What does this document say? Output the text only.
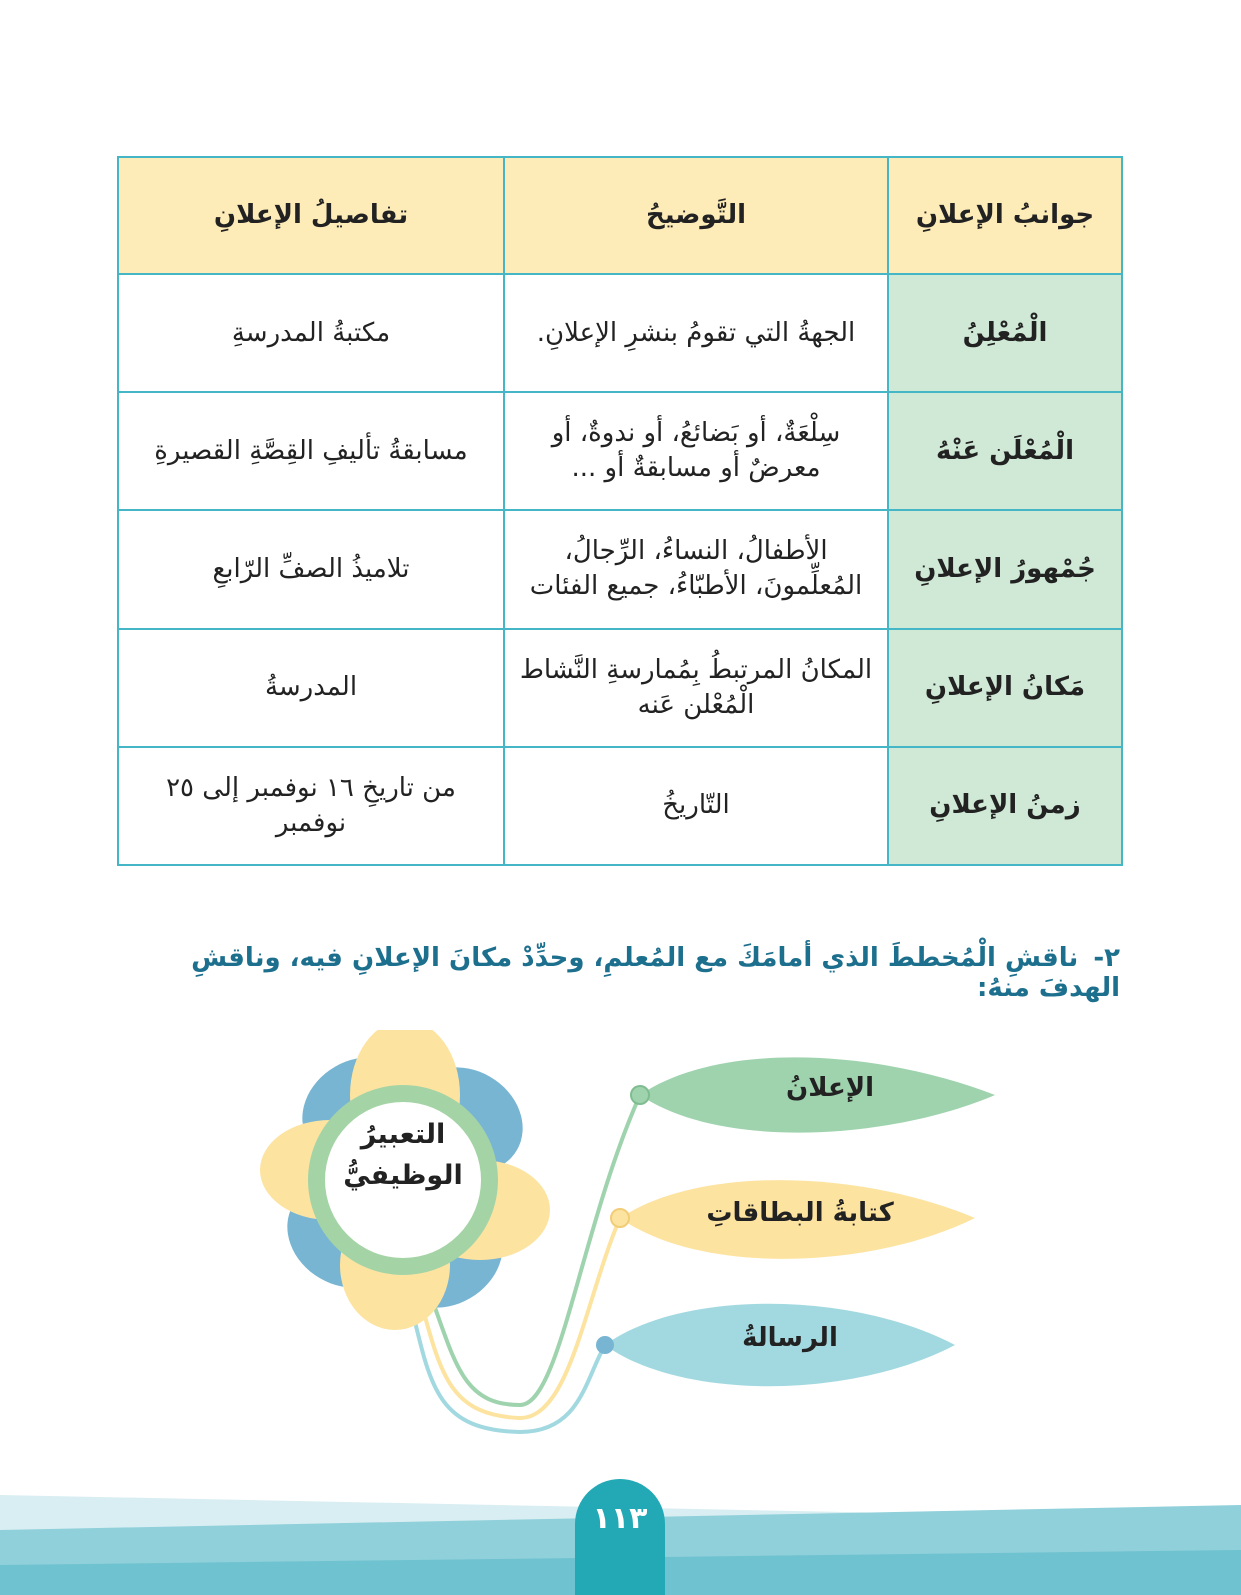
جوانبُ الإعلانِ	التَّوضيحُ	تفاصيلُ الإعلانِ
الْمُعْلِنُ	الجهةُ التي تقومُ بنشرِ الإعلانِ.	مكتبةُ المدرسةِ
الْمُعْلَن عَنْهُ	سِلْعَةٌ، أو بَضائعُ، أو ندوةٌ، أو معرضٌ أو مسابقةٌ أو ...	مسابقةُ تأليفِ القِصَّةِ القصيرةِ
جُمْهورُ الإعلانِ	الأطفالُ، النساءُ، الرِّجالُ، المُعلِّمونَ، الأطبّاءُ، جميع الفئات	تلاميذُ الصفِّ الرّابعِ
مَكانُ الإعلانِ	المكانُ المرتبطُ بِمُمارسةِ النَّشاط الْمُعْلن عَنه	المدرسةُ
زمنُ الإعلانِ	التّاريخُ	من تاريخِ ١٦ نوفمبر إلى ٢٥ نوفمبر
٢- ناقشِ الْمُخططَ الذي أمامَكَ مع المُعلمِ، وحدِّدْ مكانَ الإعلانِ فيه، وناقشِ الهدفَ منهُ:
التعبيرُ
الوظيفيُّ
الإعلانُ
كتابةُ البطاقاتِ
الرسالةُ
١١٣
